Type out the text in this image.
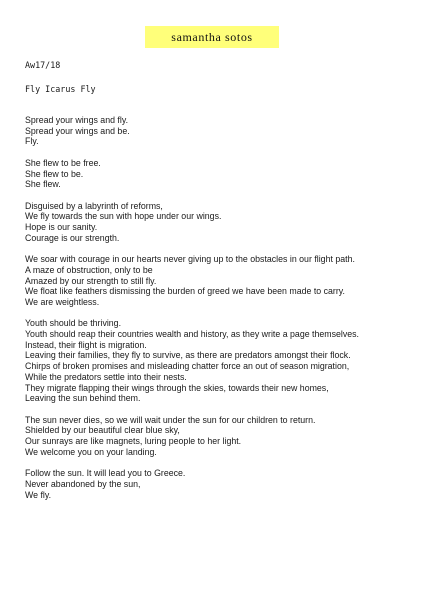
samantha sotos
Aw17/18
Fly Icarus Fly
Spread your wings and fly.
Spread your wings and be.
Fly.
She flew to be free.
She flew to be.
She flew.
Disguised by a labyrinth of reforms,
We fly towards the sun with hope under our wings.
Hope is our sanity.
Courage is our strength.
We soar with courage in our hearts never giving up to the obstacles in our flight path.
A maze of obstruction, only to be
Amazed by our strength to still fly.
We float like feathers dismissing the burden of greed we have been made to carry.
We are weightless.
Youth should be thriving.
Youth should reap their countries wealth and history, as they write a page themselves.
Instead, their flight is migration.
Leaving their families, they fly to survive, as there are predators amongst their flock.
Chirps of broken promises and misleading chatter force an out of season migration,
While the predators settle into their nests.
They migrate flapping their wings through the skies, towards their new homes,
Leaving the sun behind them.
The sun never dies, so we will wait under the sun for our children to return.
Shielded by our beautiful clear blue sky,
Our sunrays are like magnets, luring people to her light.
We welcome you on your landing.
Follow the sun. It will lead you to Greece.
Never abandoned by the sun,
We fly.
